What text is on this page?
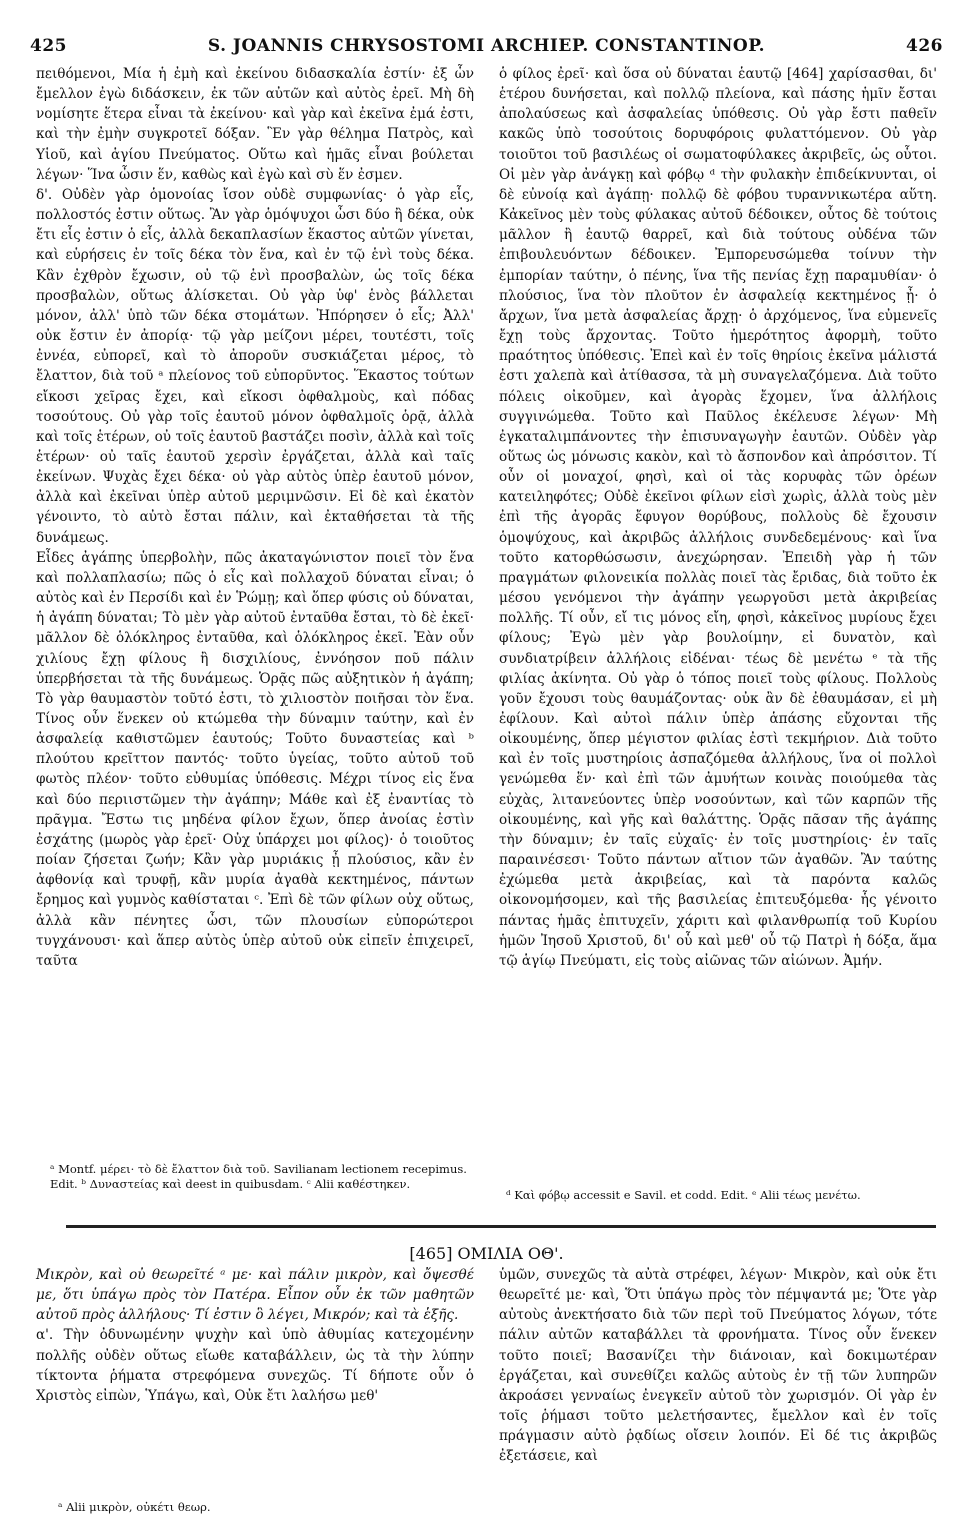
425	S. JOANNIS CHRYSOSTOMI ARCHIEP. CONSTANTINOP.	426

πειθόμενοι, Μία ἡ ἐμὴ καὶ ἐκείνου διδασκαλία ἐστίν· ἐξ ὧν ἔμελλον ἐγὼ διδάσκειν, ἐκ τῶν αὐτῶν καὶ αὐτὸς ἐρεῖ. Μὴ δὴ νομίσητε ἕτερα εἶναι τὰ ἐκείνου· καὶ γὰρ καὶ ἐκεῖνα ἐμά ἐστι, καὶ τὴν ἐμὴν συγκροτεῖ δόξαν. Ἓν γὰρ θέλημα Πατρὸς, καὶ Υἱοῦ, καὶ ἁγίου Πνεύματος. Οὕτω καὶ ἡμᾶς εἶναι βούλεται λέγων· Ἵνα ὦσιν ἕν, καθὼς καὶ ἐγὼ καὶ σὺ ἕν ἐσμεν.

δ'. Οὐδὲν γὰρ ὁμονοίας ἴσον οὐδὲ συμφωνίας· ὁ γὰρ εἷς, πολλοστός ἐστιν οὕτως. Ἂν γὰρ ὁμόψυχοι ὦσι δύο ἢ δέκα, οὐκ ἔτι εἷς ἐστιν ὁ εἷς, ἀλλὰ δεκαπλασίων ἕκαστος αὐτῶν γίνεται, καὶ εὑρήσεις ἐν τοῖς δέκα τὸν ἕνα, καὶ ἐν τῷ ἑνὶ τοὺς δέκα. Κἂν ἐχθρὸν ἔχωσιν, οὐ τῷ ἑνὶ προσβαλὼν, ὡς τοῖς δέκα προσβαλὼν, οὕτως ἁλίσκεται. Οὐ γὰρ ὑφ' ἑνὸς βάλλεται μόνον, ἀλλ' ὑπὸ τῶν δέκα στομάτων. Ἠπόρησεν ὁ εἷς; Ἀλλ' οὐκ ἔστιν ἐν ἀπορίᾳ· τῷ γὰρ μείζονι μέρει, τουτέστι, τοῖς ἐννέα, εὐπορεῖ, καὶ τὸ ἀποροῦν συσκιάζεται μέρος, τὸ ἔλαττον, διὰ τοῦ ᵃ πλείονος τοῦ εὐπορῦντος. Ἕκαστος τούτων εἴκοσι χεῖρας ἔχει, καὶ εἴκοσι ὀφθαλμοὺς, καὶ πόδας τοσούτους. Οὐ γὰρ τοῖς ἑαυτοῦ μόνον ὀφθαλμοῖς ὁρᾷ, ἀλλὰ καὶ τοῖς ἑτέρων, οὐ τοῖς ἑαυτοῦ βαστάζει ποσὶν, ἀλλὰ καὶ τοῖς ἑτέρων· οὐ ταῖς ἑαυτοῦ χερσὶν ἐργάζεται, ἀλλὰ καὶ ταῖς ἐκείνων. Ψυχὰς ἔχει δέκα· οὐ γὰρ αὐτὸς ὑπὲρ ἑαυτοῦ μόνον, ἀλλὰ καὶ ἐκεῖναι ὑπὲρ αὐτοῦ μεριμνῶσιν. Εἰ δὲ καὶ ἑκατὸν γένοιντο, τὸ αὐτὸ ἔσται πάλιν, καὶ ἐκταθήσεται τὰ τῆς δυνάμεως.

Εἶδες ἀγάπης ὑπερβολὴν, πῶς ἀκαταγώνιστον ποιεῖ τὸν ἕνα καὶ πολλαπλασίω; πῶς ὁ εἷς καὶ πολλαχοῦ δύναται εἶναι; ὁ αὐτὸς καὶ ἐν Περσίδι καὶ ἐν Ῥώμῃ; καὶ ὅπερ φύσις οὐ δύναται, ἡ ἀγάπη δύναται; Τὸ μὲν γὰρ αὐτοῦ ἐνταῦθα ἔσται, τὸ δὲ ἐκεῖ· μᾶλλον δὲ ὁλόκληρος ἐνταῦθα, καὶ ὁλόκληρος ἐκεῖ. Ἐὰν οὖν χιλίους ἔχῃ φίλους ἢ δισχιλίους, ἐννόησον ποῦ πάλιν ὑπερβήσεται τὰ τῆς δυνάμεως. Ὁρᾷς πῶς αὐξητικὸν ἡ ἀγάπη; Τὸ γὰρ θαυμαστὸν τοῦτό ἐστι, τὸ χιλιοστὸν ποιῆσαι τὸν ἕνα. Τίνος οὖν ἕνεκεν οὐ κτώμεθα τὴν δύναμιν ταύτην, καὶ ἐν ἀσφαλείᾳ καθιστῶμεν ἑαυτούς; Τοῦτο δυναστείας καὶ ᵇ πλούτου κρεῖττον παντός· τοῦτο ὑγείας, τοῦτο αὐτοῦ τοῦ φωτὸς πλέον· τοῦτο εὐθυμίας ὑπόθεσις. Μέχρι τίνος εἰς ἕνα καὶ δύο περιιστῶμεν τὴν ἀγάπην; Μάθε καὶ ἐξ ἐναντίας τὸ πρᾶγμα. Ἔστω τις μηδένα φίλον ἔχων, ὅπερ ἀνοίας ἐστὶν ἐσχάτης (μωρὸς γὰρ ἐρεῖ· Οὐχ ὑπάρχει μοι φίλος)· ὁ τοιοῦτος ποίαν ζήσεται ζωήν; Κἂν γὰρ μυριάκις ᾖ πλούσιος, κἂν ἐν ἀφθονίᾳ καὶ τρυφῇ, κἂν μυρία ἀγαθὰ κεκτημένος, πάντων ἔρημος καὶ γυμνὸς καθίσταται ᶜ. Ἐπὶ δὲ τῶν φίλων οὐχ οὕτως, ἀλλὰ κἂν πένητες ὦσι, τῶν πλουσίων εὐπορώτεροι τυγχάνουσι· καὶ ἅπερ αὐτὸς ὑπὲρ αὐτοῦ οὐκ εἰπεῖν ἐπιχειρεῖ, ταῦτα

ὁ φίλος ἐρεῖ· καὶ ὅσα οὐ δύναται ἑαυτῷ [464] χαρίσασθαι, δι' ἑτέρου δυνήσεται, καὶ πολλῷ πλείονα, καὶ πάσης ἡμῖν ἔσται ἀπολαύσεως καὶ ἀσφαλείας ὑπόθεσις. Οὐ γὰρ ἔστι παθεῖν κακῶς ὑπὸ τοσούτοις δορυφόροις φυλαττόμενον. Οὐ γὰρ τοιοῦτοι τοῦ βασιλέως οἱ σωματοφύλακες ἀκριβεῖς, ὡς οὗτοι. Οἱ μὲν γὰρ ἀνάγκῃ καὶ φόβῳ ᵈ τὴν φυλακὴν ἐπιδείκνυνται, οἱ δὲ εὐνοίᾳ καὶ ἀγάπῃ· πολλῷ δὲ φόβου τυραννικωτέρα αὕτη. Κἀκεῖνος μὲν τοὺς φύλακας αὐτοῦ δέδοικεν, οὗτος δὲ τούτοις μᾶλλον ἢ ἑαυτῷ θαρρεῖ, καὶ διὰ τούτους οὐδένα τῶν ἐπιβουλευόντων δέδοικεν. Ἐμπορευσώμεθα τοίνυν τὴν ἐμπορίαν ταύτην, ὁ πένης, ἵνα τῆς πενίας ἔχῃ παραμυθίαν· ὁ πλούσιος, ἵνα τὸν πλοῦτον ἐν ἀσφαλείᾳ κεκτημένος ᾖ· ὁ ἄρχων, ἵνα μετὰ ἀσφαλείας ἄρχῃ· ὁ ἀρχόμενος, ἵνα εὐμενεῖς ἔχῃ τοὺς ἄρχοντας. Τοῦτο ἡμερότητος ἀφορμὴ, τοῦτο πραότητος ὑπόθεσις. Ἐπεὶ καὶ ἐν τοῖς θηρίοις ἐκεῖνα μάλιστά ἐστι χαλεπὰ καὶ ἀτίθασσα, τὰ μὴ συναγελαζόμενα. Διὰ τοῦτο πόλεις οἰκοῦμεν, καὶ ἀγορὰς ἔχομεν, ἵνα ἀλλήλοις συγγινώμεθα. Τοῦτο καὶ Παῦλος ἐκέλευσε λέγων· Μὴ ἐγκαταλιμπάνοντες τὴν ἐπισυναγωγὴν ἑαυτῶν. Οὐδὲν γὰρ οὕτως ὡς μόνωσις κακὸν, καὶ τὸ ἄσπονδον καὶ ἀπρόσιτον. Τί οὖν οἱ μοναχοί, φησὶ, καὶ οἱ τὰς κορυφὰς τῶν ὀρέων κατειληφότες; Οὐδὲ ἐκεῖνοι φίλων εἰσὶ χωρὶς, ἀλλὰ τοὺς μὲν ἐπὶ τῆς ἀγορᾶς ἔφυγον θορύβους, πολλοὺς δὲ ἔχουσιν ὁμοψύχους, καὶ ἀκριβῶς ἀλλήλοις συνδεδεμένους· καὶ ἵνα τοῦτο κατορθώσωσιν, ἀνεχώρησαν. Ἐπειδὴ γὰρ ἡ τῶν πραγμάτων φιλονεικία πολλὰς ποιεῖ τὰς ἔριδας, διὰ τοῦτο ἐκ μέσου γενόμενοι τὴν ἀγάπην γεωργοῦσι μετὰ ἀκριβείας πολλῆς. Τί οὖν, εἴ τις μόνος εἴη, φησὶ, κἀκεῖνος μυρίους ἔχει φίλους; Ἐγὼ μὲν γὰρ βουλοίμην, εἰ δυνατὸν, καὶ συνδιατρίβειν ἀλλήλοις εἰδέναι· τέως δὲ μενέτω ᵉ τὰ τῆς φιλίας ἀκίνητα. Οὐ γὰρ ὁ τόπος ποιεῖ τοὺς φίλους. Πολλοὺς γοῦν ἔχουσι τοὺς θαυμάζοντας· οὐκ ἂν δὲ ἐθαυμάσαν, εἰ μὴ ἐφίλουν. Καὶ αὐτοὶ πάλιν ὑπὲρ ἁπάσης εὔχονται τῆς οἰκουμένης, ὅπερ μέγιστον φιλίας ἐστὶ τεκμήριον. Διὰ τοῦτο καὶ ἐν τοῖς μυστηρίοις ἀσπαζόμεθα ἀλλήλους, ἵνα οἱ πολλοὶ γενώμεθα ἕν· καὶ ἐπὶ τῶν ἀμυήτων κοινὰς ποιούμεθα τὰς εὐχὰς, λιτανεύοντες ὑπὲρ νοσούντων, καὶ τῶν καρπῶν τῆς οἰκουμένης, καὶ γῆς καὶ θαλάττης. Ὁρᾷς πᾶσαν τῆς ἀγάπης τὴν δύναμιν; ἐν ταῖς εὐχαῖς· ἐν τοῖς μυστηρίοις· ἐν ταῖς παραινέσεσι· Τοῦτο πάντων αἴτιον τῶν ἀγαθῶν. Ἂν ταύτης ἐχώμεθα μετὰ ἀκριβείας, καὶ τὰ παρόντα καλῶς οἰκονομήσομεν, καὶ τῆς βασιλείας ἐπιτευξόμεθα· ἧς γένοιτο πάντας ἡμᾶς ἐπιτυχεῖν, χάριτι καὶ φιλανθρωπίᾳ τοῦ Κυρίου ἡμῶν Ἰησοῦ Χριστοῦ, δι' οὗ καὶ μεθ' οὗ τῷ Πατρὶ ἡ δόξα, ἅμα τῷ ἁγίῳ Πνεύματι, εἰς τοὺς αἰῶνας τῶν αἰώνων. Ἀμήν.

ᵃ Montf. μέρει· τὸ δὲ ἔλαττον διὰ τοῦ. Savilianam lectionem recepimus. Edit. ᵇ Δυναστείας καὶ deest in quibusdam. ᶜ Alii καθέστηκεν.

ᵈ Καὶ φόβῳ accessit e Savil. et codd. Edit. ᵉ Alii τέως μενέτω.

[465] ΟΜΙΛΙΑ ΟΘ'.

Μικρὸν, καὶ οὐ θεωρεῖτέ ᵃ με· καὶ πάλιν μικρὸν, καὶ ὄψεσθέ με, ὅτι ὑπάγω πρὸς τὸν Πατέρα. Εἶπον οὖν ἐκ τῶν μαθητῶν αὐτοῦ πρὸς ἀλλήλους· Τί ἐστιν ὃ λέγει, Μικρόν; καὶ τὰ ἑξῆς.

α'. Τὴν ὀδυνωμένην ψυχὴν καὶ ὑπὸ ἀθυμίας κατεχομένην πολλῆς οὐδὲν οὕτως εἴωθε καταβάλλειν, ὡς τὰ τὴν λύπην τίκτοντα ῥήματα στρεφόμενα συνεχῶς. Τί δήποτε οὖν ὁ Χριστὸς εἰπὼν, Ὑπάγω, καὶ, Οὐκ ἔτι λαλήσω μεθ'

ὑμῶν, συνεχῶς τὰ αὐτὰ στρέφει, λέγων· Μικρὸν, καὶ οὐκ ἔτι θεωρεῖτέ με· καὶ, Ὅτι ὑπάγω πρὸς τὸν πέμψαντά με; Ὅτε γὰρ αὐτοὺς ἀνεκτήσατο διὰ τῶν περὶ τοῦ Πνεύματος λόγων, τότε πάλιν αὐτῶν καταβάλλει τὰ φρονήματα. Τίνος οὖν ἕνεκεν τοῦτο ποιεῖ; Βασανίζει τὴν διάνοιαν, καὶ δοκιμωτέραν ἐργάζεται, καὶ συνεθίζει καλῶς αὐτοὺς ἐν τῇ τῶν λυπηρῶν ἀκροάσει γενναίως ἐνεγκεῖν αὐτοῦ τὸν χωρισμόν. Οἱ γὰρ ἐν τοῖς ῥήμασι τοῦτο μελετήσαντες, ἔμελλον καὶ ἐν τοῖς πράγμασιν αὐτὸ ῥᾳδίως οἴσειν λοιπόν. Εἰ δέ τις ἀκριβῶς ἐξετάσειε, καὶ

ᵃ Alii μικρὸν, οὐκέτι θεωρ.
